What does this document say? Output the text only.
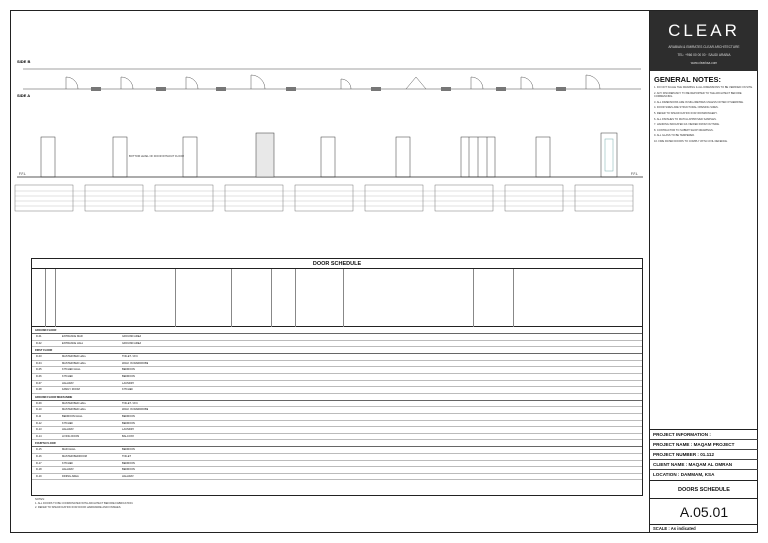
SIDE B
SIDE A
BOTTOM LEVEL OF DOOR WITHOUT FLOOR
F.F.L	F.F.L
DOOR SCHEDULE
GROUND FLOOR
D-01	ENTRANCE MAIN	GROUND AREA
D-02	ENTRANCE HALL	GROUND AREA
FIRST FLOOR
D-03	MASTER BED HALL	TOILET / W.C
D-04	MASTER BED HALL	WALK IN WARDROBE
D-05	KITCHEN HALL	BEDROOM
D-06	KITCHEN	BEDROOM
D-07	HALLWAY	LAUNDRY
D-08	FAMILY ROOM	KITCHEN
GROUND FLOOR MEZZANINE
D-09	MASTER BED HALL	TOILET / W.C
D-10	MASTER BED HALL	WALK IN WARDROBE
D-11	BEDROOM HALL	BEDROOM
D-12	KITCHEN	BEDROOM
D-13	HALLWAY	LAUNDRY
D-14	LIVING ROOM	BALCONY
FOURTH FLOOR
D-15	MAIN HALL	BEDROOM
D-16	MASTER BEDROOM	TOILET
D-17	KITCHEN	BEDROOM
D-18	HALLWAY	BEDROOM
D-19	DINING AREA	HALLWAY
NOTES:
1. ALL DOORS TO BE COORDINATED WITH ARCHITECT BEFORE FABRICATION.
2. REFER TO SPECIFICATION FOR DOOR HARDWARE AND FINISHES.
CLEAR
ARABIAN & EMIRATES CLEAR ARCHITECTURE
TEL: +966 00 00 00 · SAUDI ARABIA
www.clearksa.com
GENERAL NOTES:
1. DO NOT SCALE THE DRAWING & ALL DIMENSIONS TO BE VERIFIED ON SITE.
2. ANY DISCREPANCY TO BE REPORTED TO THE ARCHITECT BEFORE COMMENCING.
3. ALL DIMENSIONS ARE IN MILLIMETRES UNLESS NOTED OTHERWISE.
4. DOOR SIZES ARE STRUCTURAL OPENING SIZES.
5. REFER TO SPECIFICATION FOR IRONMONGERY.
6. ALL FINISHES TO MATCH APPROVED SAMPLES.
7. HANDING INDICATED AS VIEWED FROM OUTSIDE.
8. CONTRACTOR TO SUBMIT SHOP DRAWINGS.
9. ALL GLASS TO BE TEMPERED.
10. FIRE RATED DOORS TO COMPLY WITH CIVIL DEFENCE.
PROJECT INFORMATION :
PROJECT NAME : MAQAM PROJECT
PROJECT NUMBER : 01.112
CLIENT NAME : MAQAM AL OMRAN
LOCATION : DAMMAM, KSA
DOORS SCHEDULE
A.05.01
SCALE : As indicated
